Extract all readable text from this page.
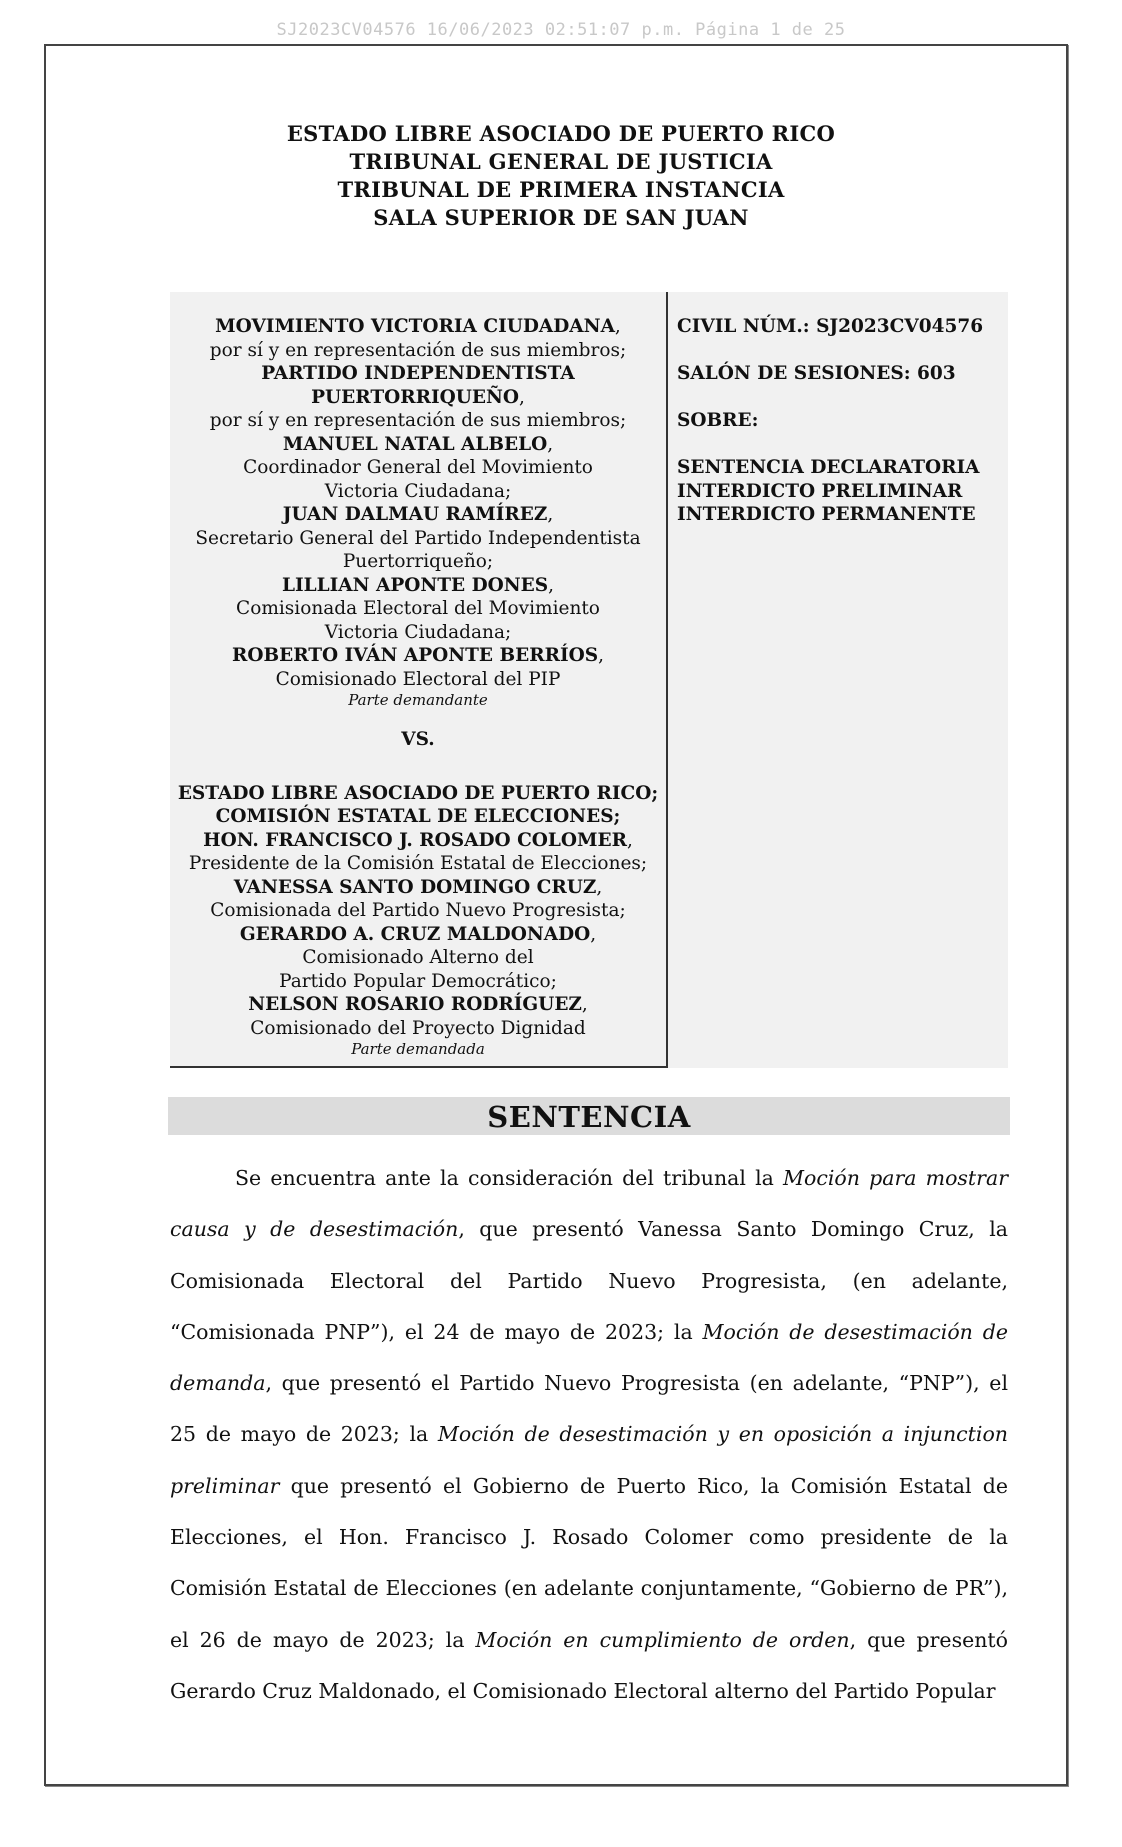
SJ2023CV04576 16/06/2023 02:51:07 p.m. Página 1 de 25
ESTADO LIBRE ASOCIADO DE PUERTO RICO
TRIBUNAL GENERAL DE JUSTICIA
TRIBUNAL DE PRIMERA INSTANCIA
SALA SUPERIOR DE SAN JUAN
MOVIMIENTO VICTORIA CIUDADANA,
por sí y en representación de sus miembros;
PARTIDO INDEPENDENTISTA PUERTORRIQUEÑO,
por sí y en representación de sus miembros;
MANUEL NATAL ALBELO,
Coordinador General del Movimiento
Victoria Ciudadana;
JUAN DALMAU RAMÍREZ,
Secretario General del Partido Independentista
Puertorriqueño;
LILLIAN APONTE DONES,
Comisionada Electoral del Movimiento
Victoria Ciudadana;
ROBERTO IVÁN APONTE BERRÍOS,
Comisionado Electoral del PIP
Parte demandante
VS.
ESTADO LIBRE ASOCIADO DE PUERTO RICO;
COMISIÓN ESTATAL DE ELECCIONES;
HON. FRANCISCO J. ROSADO COLOMER,
Presidente de la Comisión Estatal de Elecciones;
VANESSA SANTO DOMINGO CRUZ,
Comisionada del Partido Nuevo Progresista;
GERARDO A. CRUZ MALDONADO,
Comisionado Alterno del
Partido Popular Democrático;
NELSON ROSARIO RODRÍGUEZ,
Comisionado del Proyecto Dignidad
Parte demandada
CIVIL NÚM.: SJ2023CV04576
SALÓN DE SESIONES: 603
SOBRE:
SENTENCIA DECLARATORIA
INTERDICTO PRELIMINAR
INTERDICTO PERMANENTE
SENTENCIA

Se encuentra ante la consideración del tribunal la Moción para mostrar causa y de desestimación, que presentó Vanessa Santo Domingo Cruz, la Comisionada Electoral del Partido Nuevo Progresista, (en adelante, “Comisionada PNP”), el 24 de mayo de 2023; la Moción de desestimación de demanda, que presentó el Partido Nuevo Progresista (en adelante, “PNP”), el 25 de mayo de 2023; la Moción de desestimación y en oposición a injunction preliminar que presentó el Gobierno de Puerto Rico, la Comisión Estatal de Elecciones, el Hon. Francisco J. Rosado Colomer como presidente de la Comisión Estatal de Elecciones (en adelante conjuntamente, “Gobierno de PR”), el 26 de mayo de 2023; la Moción en cumplimiento de orden, que presentó Gerardo Cruz Maldonado, el Comisionado Electoral alterno del Partido Popular
